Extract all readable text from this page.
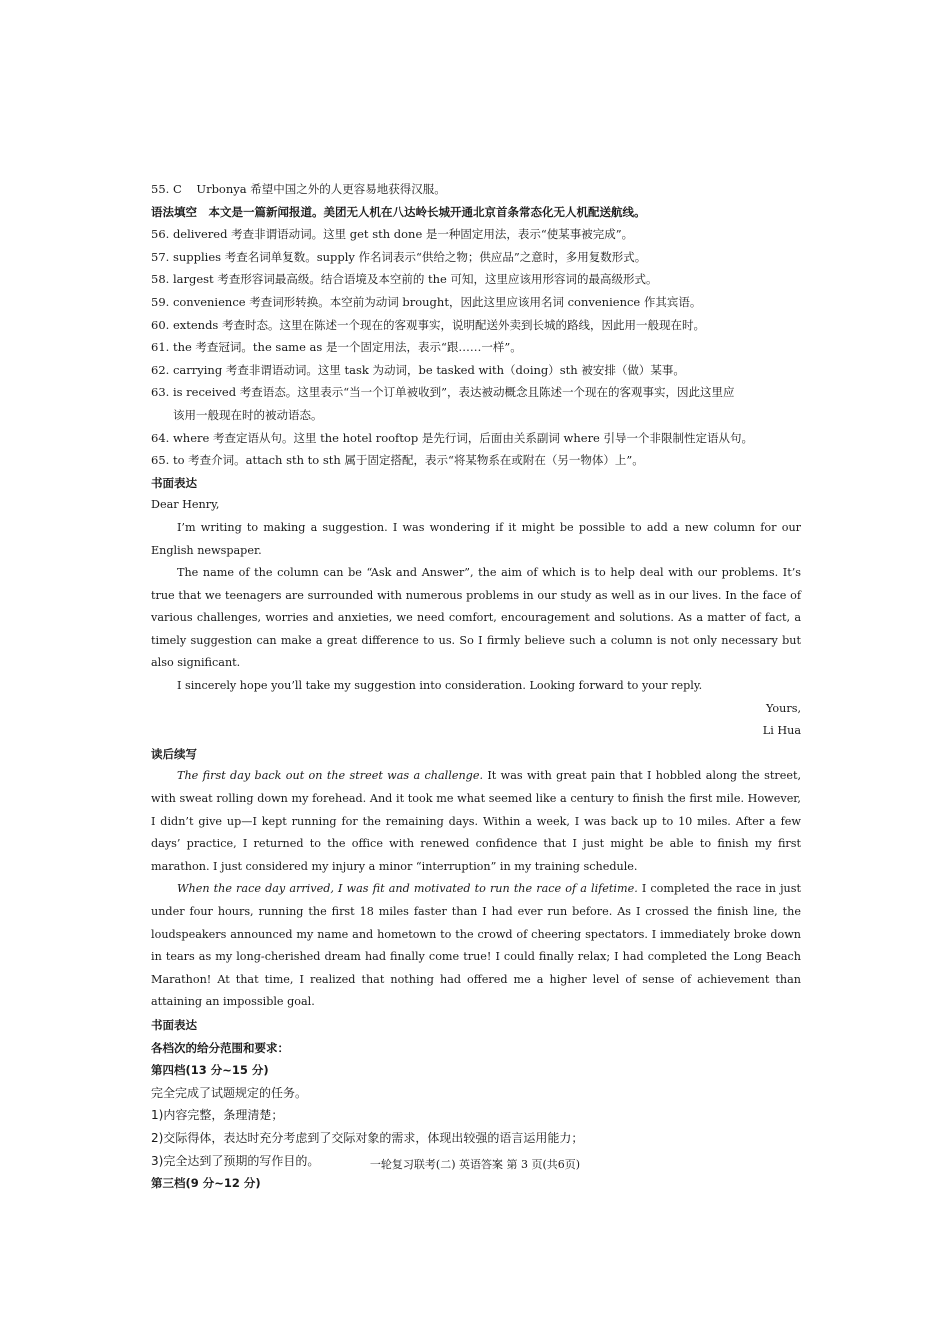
55. C Urbonya 希望中国之外的人更容易地获得汉服。
语法填空　本文是一篇新闻报道。美团无人机在八达岭长城开通北京首条常态化无人机配送航线。
56. delivered 考查非谓语动词。这里 get sth done 是一种固定用法，表示“使某事被完成”。
57. supplies 考查名词单复数。supply 作名词表示“供给之物；供应品”之意时，多用复数形式。
58. largest 考查形容词最高级。结合语境及本空前的 the 可知，这里应该用形容词的最高级形式。
59. convenience 考查词形转换。本空前为动词 brought，因此这里应该用名词 convenience 作其宾语。
60. extends 考查时态。这里在陈述一个现在的客观事实，说明配送外卖到长城的路线，因此用一般现在时。
61. the 考查冠词。the same as 是一个固定用法，表示“跟……一样”。
62. carrying 考查非谓语动词。这里 task 为动词，be tasked with（doing）sth 被安排（做）某事。
63. is received 考查语态。这里表示“当一个订单被收到”，表达被动概念且陈述一个现在的客观事实，因此这里应
该用一般现在时的被动语态。
64. where 考查定语从句。这里 the hotel rooftop 是先行词，后面由关系副词 where 引导一个非限制性定语从句。
65. to 考查介词。attach sth to sth 属于固定搭配，表示“将某物系在或附在（另一物体）上”。
书面表达
Dear Henry,
I’m writing to making a suggestion. I was wondering if it might be possible to add a new column for our English newspaper.
The name of the column can be “Ask and Answer”, the aim of which is to help deal with our problems. It’s true that we teenagers are surrounded with numerous problems in our study as well as in our lives. In the face of various challenges, worries and anxieties, we need comfort, encouragement and solutions. As a matter of fact, a timely suggestion can make a great difference to us. So I firmly believe such a column is not only necessary but also significant.
I sincerely hope you’ll take my suggestion into consideration. Looking forward to your reply.
Yours,
Li Hua
读后续写
The first day back out on the street was a challenge. It was with great pain that I hobbled along the street, with sweat rolling down my forehead. And it took me what seemed like a century to finish the first mile. However, I didn’t give up—I kept running for the remaining days. Within a week, I was back up to 10 miles. After a few days’ practice, I returned to the office with renewed confidence that I just might be able to finish my first marathon. I just considered my injury a minor “interruption” in my training schedule.
When the race day arrived, I was fit and motivated to run the race of a lifetime. I completed the race in just under four hours, running the first 18 miles faster than I had ever run before. As I crossed the finish line, the loudspeakers announced my name and hometown to the crowd of cheering spectators. I immediately broke down in tears as my long-cherished dream had finally come true! I could finally relax; I had completed the Long Beach Marathon! At that time, I realized that nothing had offered me a higher level of sense of achievement than attaining an impossible goal.
书面表达
各档次的给分范围和要求：
第四档(13 分~15 分)
完全完成了试题规定的任务。
1)内容完整，条理清楚；
2)交际得体，表达时充分考虑到了交际对象的需求，体现出较强的语言运用能力；
3)完全达到了预期的写作目的。
第三档(9 分~12 分)
一轮复习联考(二) 英语答案 第 3 页(共6页)
